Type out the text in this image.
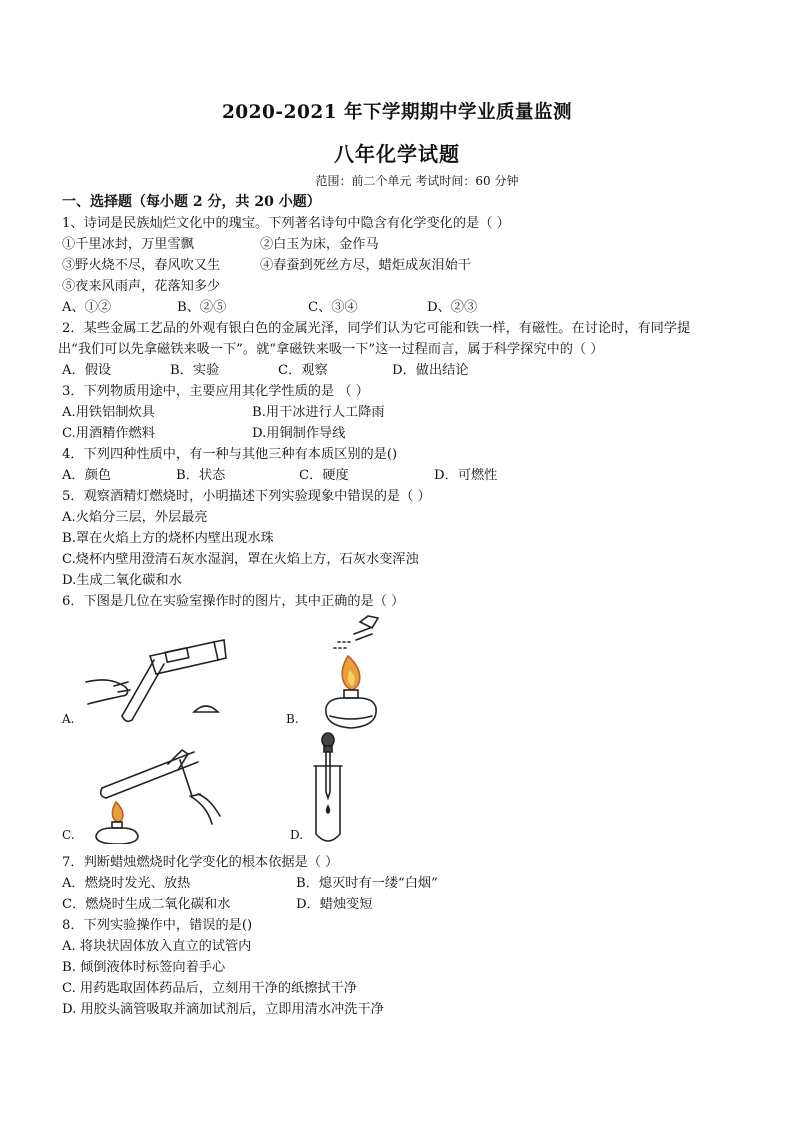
2020-2021 年下学期期中学业质量监测
八年化学试题
范围：前二个单元 考试时间：60 分钟
一、选择题（每小题 2 分，共 20 小题）
1、诗词是民族灿烂文化中的瑰宝。下列著名诗句中隐含有化学变化的是（ ）
①千里冰封，万里雪飘	②白玉为床，金作马
③野火烧不尽，春风吹又生	④春蚕到死丝方尽，蜡炬成灰泪始干
⑤夜来风雨声，花落知多少
A、①②	B、②⑤	C、③④	D、②③
2．某些金属工艺品的外观有银白色的金属光泽，同学们认为它可能和铁一样，有磁性。在讨论时，有同学提
出“我们可以先拿磁铁来吸一下”。就“拿磁铁来吸一下”这一过程而言，属于科学探究中的（ ）
A．假设	B．实验	C．观察	D．做出结论
3．下列物质用途中，主要应用其化学性质的是 （ ）
A.用铁铝制炊具	B.用干冰进行人工降雨
C.用酒精作燃料	D.用铜制作导线
4．下列四种性质中，有一种与其他三种有本质区别的是()
A．颜色	B．状态	C．硬度	D．可燃性
5．观察酒精灯燃烧时，小明描述下列实验现象中错误的是（ ）
A.火焰分三层，外层最亮
B.罩在火焰上方的烧杯内壁出现水珠
C.烧杯内壁用澄清石灰水湿润，罩在火焰上方，石灰水变浑浊
D.生成二氧化碳和水
6．下图是几位在实验室操作时的图片，其中正确的是（ ）
A.	B.
C.	D.
7．判断蜡烛燃烧时化学变化的根本依据是（ ）
A．燃烧时发光、放热	B．熄灭时有一缕“白烟”
C．燃烧时生成二氧化碳和水	D．蜡烛变短
8．下列实验操作中，错误的是()
A. 将块状固体放入直立的试管内
B. 倾倒液体时标签向着手心
C. 用药匙取固体药品后，立刻用干净的纸擦拭干净
D. 用胶头滴管吸取并滴加试剂后，立即用清水冲洗干净
